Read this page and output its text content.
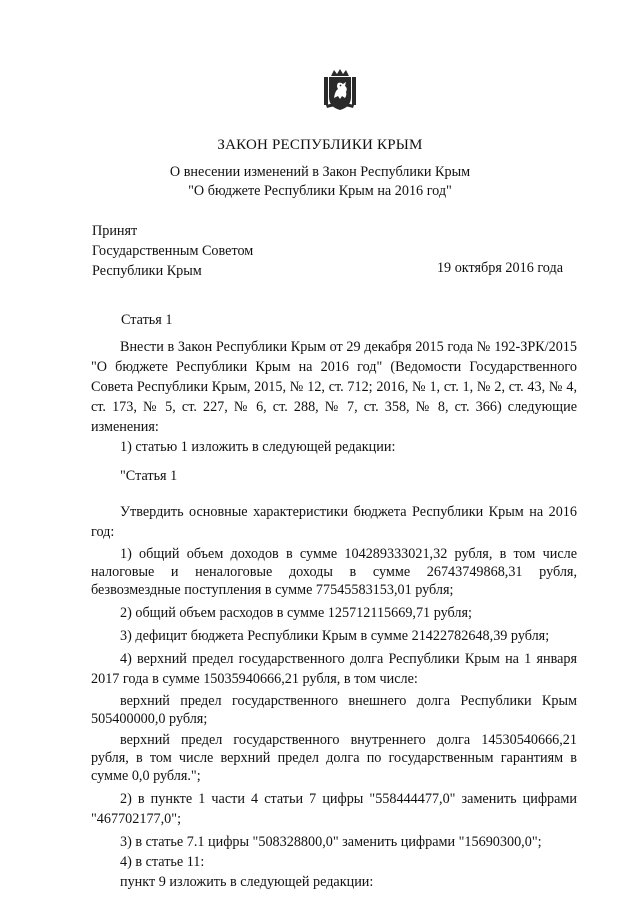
ЗАКОН РЕСПУБЛИКИ КРЫМ
О внесении изменений в Закон Республики Крым
"О бюджете Республики Крым на 2016 год"
Принят
Государственным Советом
Республики Крым	19 октября 2016 года
Статья 1

Внести в Закон Республики Крым от 29 декабря 2015 года № 192-ЗРК/2015 "О бюджете Республики Крым на 2016 год" (Ведомости Государственного Совета Республики Крым, 2015, № 12, ст. 712; 2016, № 1, ст. 1, № 2, ст. 43, № 4, ст. 173, № 5, ст. 227, № 6, ст. 288, № 7, ст. 358, № 8, ст. 366) следующие изменения:

1) статью 1 изложить в следующей редакции:

"Статья 1

Утвердить основные характеристики бюджета Республики Крым на 2016 год:

1) общий объем доходов в сумме 104289333021,32 рубля, в том числе налоговые и неналоговые доходы в сумме 26743749868,31 рубля, безвозмездные поступления в сумме 77545583153,01 рубля;

2) общий объем расходов в сумме 125712115669,71 рубля;

3) дефицит бюджета Республики Крым в сумме 21422782648,39 рубля;

4) верхний предел государственного долга Республики Крым на 1 января 2017 года в сумме 15035940666,21 рубля, в том числе:

верхний предел государственного внешнего долга Республики Крым 505400000,0 рубля;

верхний предел государственного внутреннего долга 14530540666,21 рубля, в том числе верхний предел долга по государственным гарантиям в сумме 0,0 рубля.";

2) в пункте 1 части 4 статьи 7 цифры "558444477,0" заменить цифрами "467702177,0";

3) в статье 7.1 цифры "508328800,0" заменить цифрами "15690300,0";

4) в статье 11:

пункт 9 изложить в следующей редакции:
